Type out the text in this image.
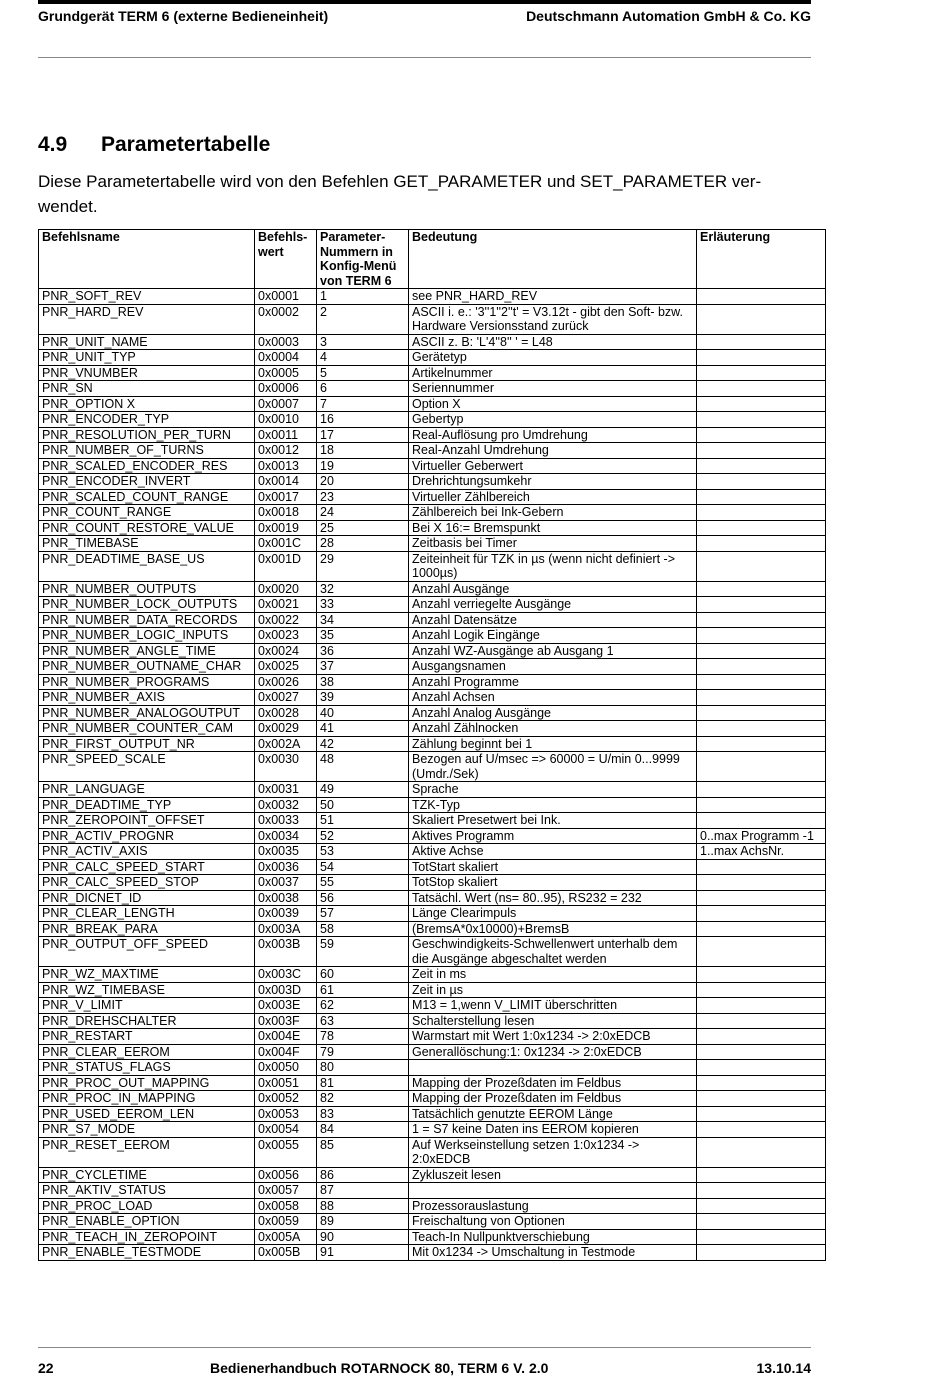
Grundgerät TERM 6 (externe Bedieneinheit)	Deutschmann Automation GmbH & Co. KG
4.9 Parametertabelle
Diese Parametertabelle wird von den Befehlen GET_PARAMETER und SET_PARAMETER ver-wendet.
Befehlsname	Befehls-wert	Parameter-Nummern in Konfig-Menü von TERM 6	Bedeutung	Erläuterung
PNR_SOFT_REV	0x0001	1	see PNR_HARD_REV	
PNR_HARD_REV	0x0002	2	ASCII i. e.: '3''1''2''t' = V3.12t - gibt den Soft- bzw. Hardware Versionsstand zurück	
PNR_UNIT_NAME	0x0003	3	ASCII z. B: 'L'4''8'' ' = L48	
PNR_UNIT_TYP	0x0004	4	Gerätetyp	
PNR_VNUMBER	0x0005	5	Artikelnummer	
PNR_SN	0x0006	6	Seriennummer	
PNR_OPTION X	0x0007	7	Option X	
PNR_ENCODER_TYP	0x0010	16	Gebertyp	
PNR_RESOLUTION_PER_TURN	0x0011	17	Real-Auflösung pro Umdrehung	
PNR_NUMBER_OF_TURNS	0x0012	18	Real-Anzahl Umdrehung	
PNR_SCALED_ENCODER_RES	0x0013	19	Virtueller Geberwert	
PNR_ENCODER_INVERT	0x0014	20	Drehrichtungsumkehr	
PNR_SCALED_COUNT_RANGE	0x0017	23	Virtueller Zählbereich	
PNR_COUNT_RANGE	0x0018	24	Zählbereich bei Ink-Gebern	
PNR_COUNT_RESTORE_VALUE	0x0019	25	Bei X 16:= Bremspunkt	
PNR_TIMEBASE	0x001C	28	Zeitbasis bei Timer	
PNR_DEADTIME_BASE_US	0x001D	29	Zeiteinheit für TZK in µs (wenn nicht definiert -> 1000µs)	
PNR_NUMBER_OUTPUTS	0x0020	32	Anzahl Ausgänge	
PNR_NUMBER_LOCK_OUTPUTS	0x0021	33	Anzahl verriegelte Ausgänge	
PNR_NUMBER_DATA_RECORDS	0x0022	34	Anzahl Datensätze	
PNR_NUMBER_LOGIC_INPUTS	0x0023	35	Anzahl Logik Eingänge	
PNR_NUMBER_ANGLE_TIME	0x0024	36	Anzahl WZ-Ausgänge ab Ausgang 1	
PNR_NUMBER_OUTNAME_CHAR	0x0025	37	Ausgangsnamen	
PNR_NUMBER_PROGRAMS	0x0026	38	Anzahl Programme	
PNR_NUMBER_AXIS	0x0027	39	Anzahl Achsen	
PNR_NUMBER_ANALOGOUTPUT	0x0028	40	Anzahl Analog Ausgänge	
PNR_NUMBER_COUNTER_CAM	0x0029	41	Anzahl Zählnocken	
PNR_FIRST_OUTPUT_NR	0x002A	42	Zählung beginnt bei 1	
PNR_SPEED_SCALE	0x0030	48	Bezogen auf U/msec => 60000 = U/min 0...9999 (Umdr./Sek)	
PNR_LANGUAGE	0x0031	49	Sprache	
PNR_DEADTIME_TYP	0x0032	50	TZK-Typ	
PNR_ZEROPOINT_OFFSET	0x0033	51	Skaliert Presetwert bei Ink.	
PNR_ACTIV_PROGNR	0x0034	52	Aktives Programm	0..max Programm -1
PNR_ACTIV_AXIS	0x0035	53	Aktive Achse	1..max AchsNr.
PNR_CALC_SPEED_START	0x0036	54	TotStart skaliert	
PNR_CALC_SPEED_STOP	0x0037	55	TotStop skaliert	
PNR_DICNET_ID	0x0038	56	Tatsächl. Wert (ns= 80..95), RS232 = 232	
PNR_CLEAR_LENGTH	0x0039	57	Länge Clearimpuls	
PNR_BREAK_PARA	0x003A	58	(BremsA*0x10000)+BremsB	
PNR_OUTPUT_OFF_SPEED	0x003B	59	Geschwindigkeits-Schwellenwert unterhalb dem die Ausgänge abgeschaltet werden	
PNR_WZ_MAXTIME	0x003C	60	Zeit in ms	
PNR_WZ_TIMEBASE	0x003D	61	Zeit in µs	
PNR_V_LIMIT	0x003E	62	M13 = 1,wenn V_LIMIT überschritten	
PNR_DREHSCHALTER	0x003F	63	Schalterstellung lesen	
PNR_RESTART	0x004E	78	Warmstart mit Wert 1:0x1234 -> 2:0xEDCB	
PNR_CLEAR_EEROM	0x004F	79	Generallöschung:1: 0x1234 -> 2:0xEDCB	
PNR_STATUS_FLAGS	0x0050	80		
PNR_PROC_OUT_MAPPING	0x0051	81	Mapping der Prozeßdaten im Feldbus	
PNR_PROC_IN_MAPPING	0x0052	82	Mapping der Prozeßdaten im Feldbus	
PNR_USED_EEROM_LEN	0x0053	83	Tatsächlich genutzte EEROM Länge	
PNR_S7_MODE	0x0054	84	1 = S7 keine Daten ins EEROM kopieren	
PNR_RESET_EEROM	0x0055	85	Auf Werkseinstellung setzen 1:0x1234 -> 2:0xEDCB	
PNR_CYCLETIME	0x0056	86	Zykluszeit lesen	
PNR_AKTIV_STATUS	0x0057	87		
PNR_PROC_LOAD	0x0058	88	Prozessorauslastung	
PNR_ENABLE_OPTION	0x0059	89	Freischaltung von Optionen	
PNR_TEACH_IN_ZEROPOINT	0x005A	90	Teach-In Nullpunktverschiebung	
PNR_ENABLE_TESTMODE	0x005B	91	Mit 0x1234 -> Umschaltung in Testmode	
22	Bedienerhandbuch ROTARNOCK 80, TERM 6 V. 2.0	13.10.14
